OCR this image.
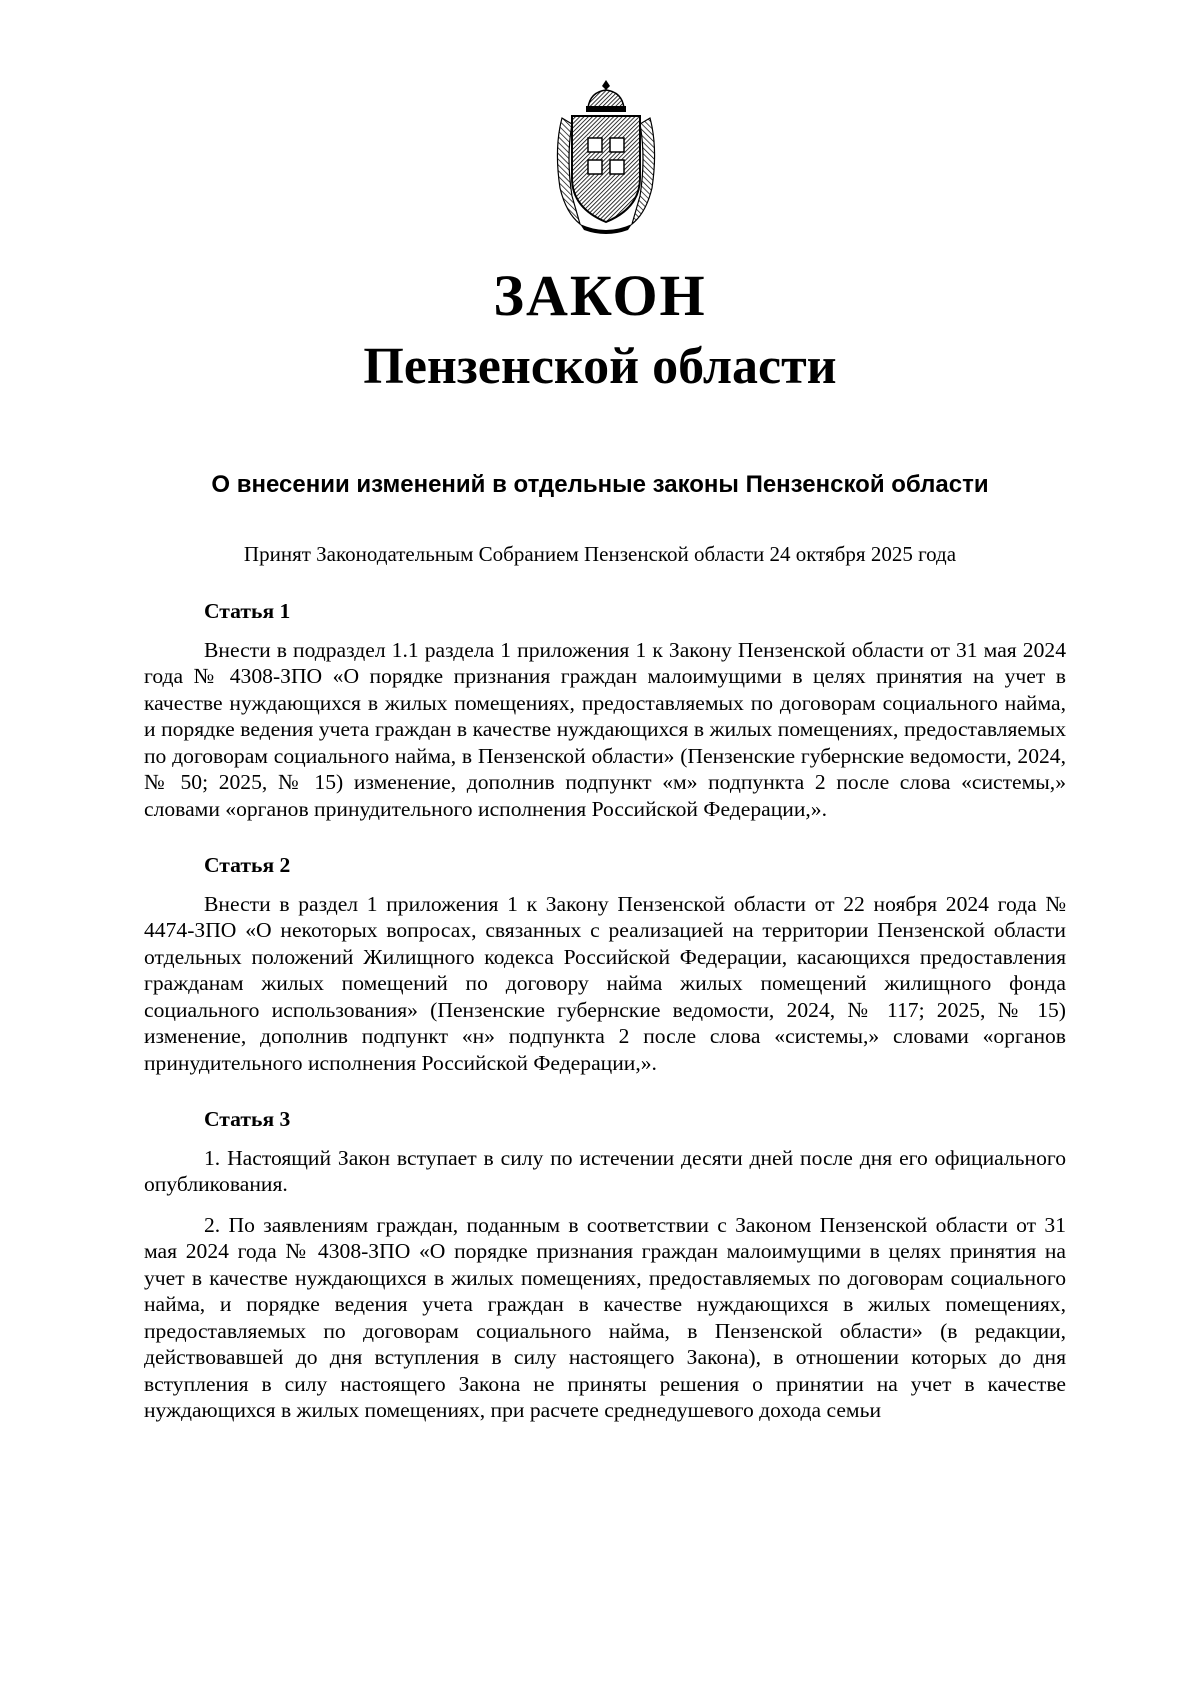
ЗАКОН
Пензенской области
О внесении изменений в отдельные законы Пензенской области
Принят Законодательным Собранием Пензенской области 24 октября 2025 года
Статья 1

Внести в подраздел 1.1 раздела 1 приложения 1 к Закону Пензенской области от 31 мая 2024 года № 4308-ЗПО «О порядке признания граждан малоимущими в целях принятия на учет в качестве нуждающихся в жилых помещениях, предоставляемых по договорам социального найма, и порядке ведения учета граждан в качестве нуждающихся в жилых помещениях, предоставляемых по договорам социального найма, в Пензенской области» (Пензенские губернские ведомости, 2024, № 50; 2025, № 15) изменение, дополнив подпункт «м» подпункта 2 после слова «системы,» словами «органов принудительного исполнения Российской Федерации,».

Статья 2

Внести в раздел 1 приложения 1 к Закону Пензенской области от 22 ноября 2024 года № 4474-ЗПО «О некоторых вопросах, связанных с реализацией на территории Пензенской области отдельных положений Жилищного кодекса Российской Федерации, касающихся предоставления гражданам жилых помещений по договору найма жилых помещений жилищного фонда социального использования» (Пензенские губернские ведомости, 2024, № 117; 2025, № 15) изменение, дополнив подпункт «н» подпункта 2 после слова «системы,» словами «органов принудительного исполнения Российской Федерации,».

Статья 3

1. Настоящий Закон вступает в силу по истечении десяти дней после дня его официального опубликования.

2. По заявлениям граждан, поданным в соответствии с Законом Пензенской области от 31 мая 2024 года № 4308-ЗПО «О порядке признания граждан малоимущими в целях принятия на учет в качестве нуждающихся в жилых помещениях, предоставляемых по договорам социального найма, и порядке ведения учета граждан в качестве нуждающихся в жилых помещениях, предоставляемых по договорам социального найма, в Пензенской области» (в редакции, действовавшей до дня вступления в силу настоящего Закона), в отношении которых до дня вступления в силу настоящего Закона не приняты решения о принятии на учет в качестве нуждающихся в жилых помещениях, при расчете среднедушевого дохода семьи
